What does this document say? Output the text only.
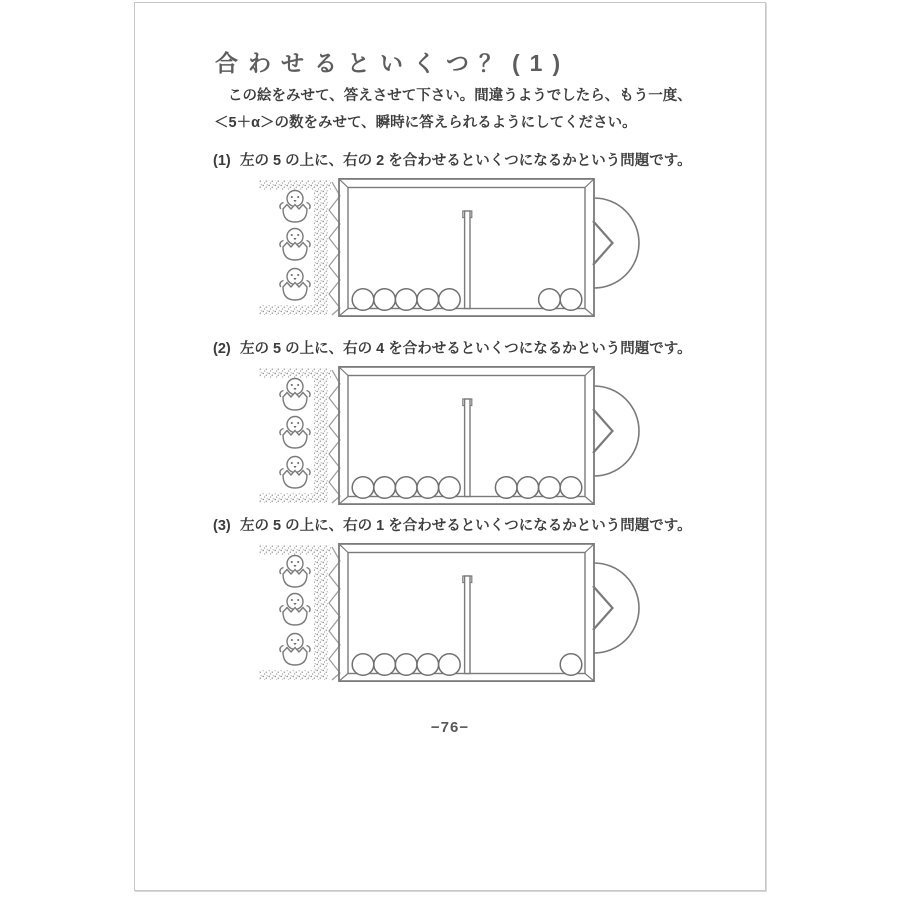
合わせるといくつ？(1)
この絵をみせて、答えさせて下さい。間違うようでしたら、もう一度、
＜5＋α＞の数をみせて、瞬時に答えられるようにしてください。
(1) 左の 5 の上に、右の 2 を合わせるといくつになるかという問題です。
(2) 左の 5 の上に、右の 4 を合わせるといくつになるかという問題です。
(3) 左の 5 の上に、右の 1 を合わせるといくつになるかという問題です。
−76−
